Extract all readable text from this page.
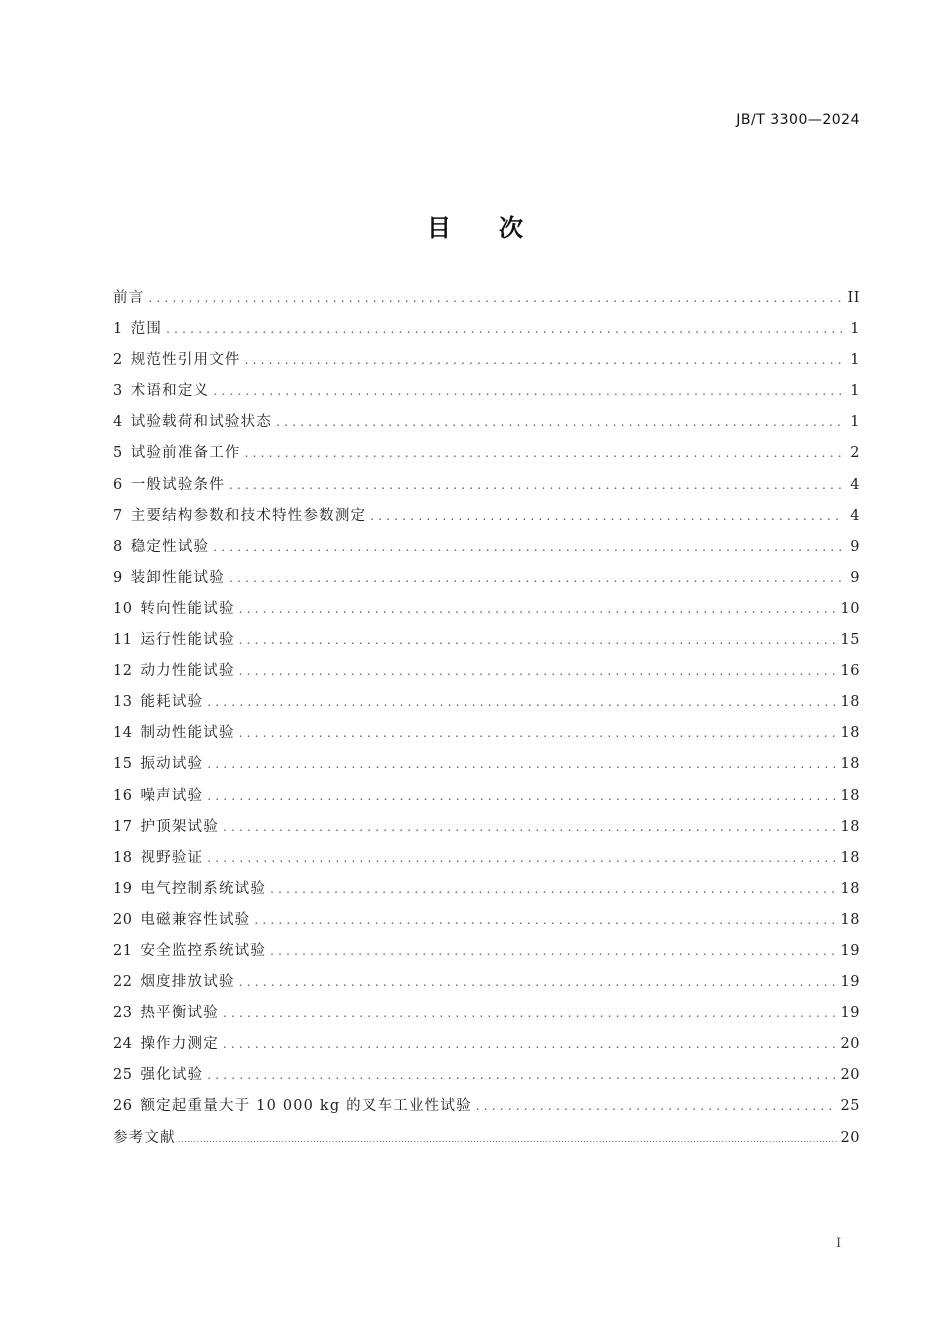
JB/T 3300—2024
目次
前言 .....	II
1 范围 .....	1
2 规范性引用文件 .....	1
3 术语和定义 .....	1
4 试验载荷和试验状态 .....	1
5 试验前准备工作 .....	2
6 一般试验条件 .....	4
7 主要结构参数和技术特性参数测定 .....	4
8 稳定性试验 .....	9
9 装卸性能试验 .....	9
10 转向性能试验 .....	10
11 运行性能试验 .....	15
12 动力性能试验 .....	16
13 能耗试验 .....	18
14 制动性能试验 .....	18
15 振动试验 .....	18
16 噪声试验 .....	18
17 护顶架试验 .....	18
18 视野验证 .....	18
19 电气控制系统试验 .....	18
20 电磁兼容性试验 .....	18
21 安全监控系统试验 .....	19
22 烟度排放试验 .....	19
23 热平衡试验 .....	19
24 操作力测定 .....	20
25 强化试验 .....	20
26 额定起重量大于 10 000 kg 的叉车工业性试验 .....	25
参考文献 .....	20
I
